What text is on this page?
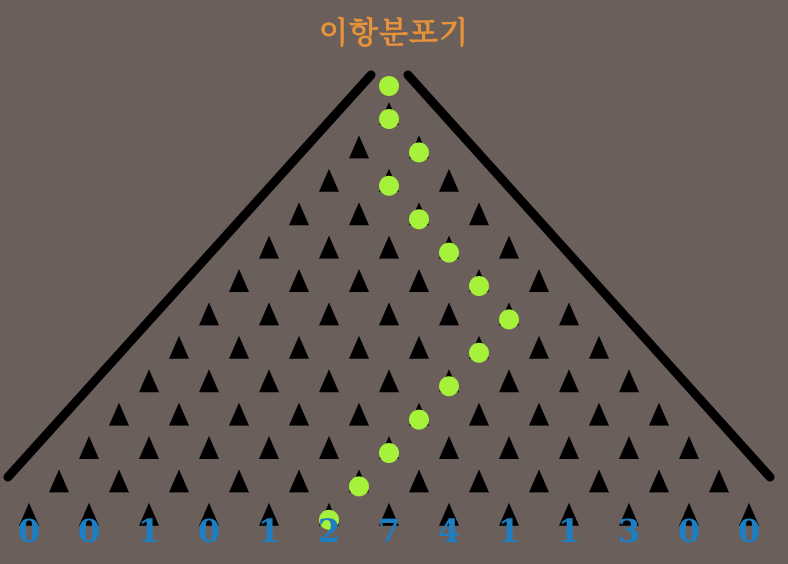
이항분포기
0 0 1 0 1 2 7 4 1 1 3 0 0
